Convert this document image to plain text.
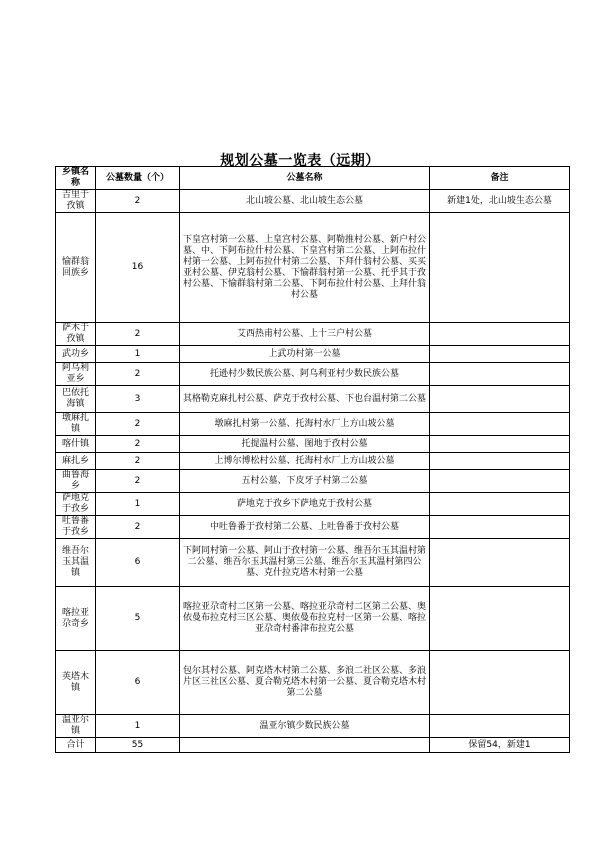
规划公墓一览表（远期）
乡镇名称	公墓数量（个）	公墓名称	备注
吉里于孜镇	2	北山坡公墓、北山坡生态公墓	新建1处，北山坡生态公墓
愉群翁回族乡	16	下皇宫村第一公墓、上皇宫村公墓、阿勒推村公墓、新户村公墓、中、下阿布拉什村公墓、下皇宫村第二公墓、上阿布拉什村第一公墓、上阿布拉什村第二公墓、下拜什翁村公墓、买买亚村公墓、伊克翁村公墓、下愉群翁村第一公墓、托乎其于孜村公墓、下愉群翁村第二公墓、下阿布拉什村公墓、上拜什翁村公墓	
萨木于孜镇	2	艾西热甫村公墓、上十三户村公墓	
武功乡	1	上武功村第一公墓	
阿乌利亚乡	2	托逊村少数民族公墓、阿乌利亚村少数民族公墓	
巴依托海镇	3	其格勒克麻扎村公墓、萨克于孜村公墓、下也台温村第二公墓	
墩麻扎镇	2	墩麻扎村第一公墓、托海村水厂上方山坡公墓	
喀什镇	2	托提温村公墓、图地于孜村公墓	
麻扎乡	2	上博尔博松村公墓、托海村水厂上方山坡公墓	
曲鲁海乡	2	五村公墓、下皮牙子村第二公墓	
萨地克于孜乡	1	萨地克于孜乡下萨地克于孜村公墓	
吐鲁番于孜乡	2	中吐鲁番于孜村第二公墓、上吐鲁番于孜村公墓	
维吾尔玉其温镇	6	下阿同村第一公墓、阿山于孜村第一公墓、维吾尔玉其温村第二公墓、维吾尔玉其温村第三公墓、维吾尔玉其温村第四公墓、克什拉克塔木村第一公墓	
喀拉亚尕奇乡	5	喀拉亚尕奇村二区第一公墓、喀拉亚尕奇村二区第二公墓、奥依曼布拉克村三区公墓、奥依曼布拉克村一区第一公墓、喀拉亚尕奇村番津布拉克公墓	
英塔木镇	6	包尔其村公墓、阿克塔木村第二公墓、多浪二社区公墓、多浪片区三社区公墓、夏合勒克塔木村第一公墓、夏合勒克塔木村第二公墓	
温亚尔镇	1	温亚尔镇少数民族公墓	
合计	55		保留54，新建1
